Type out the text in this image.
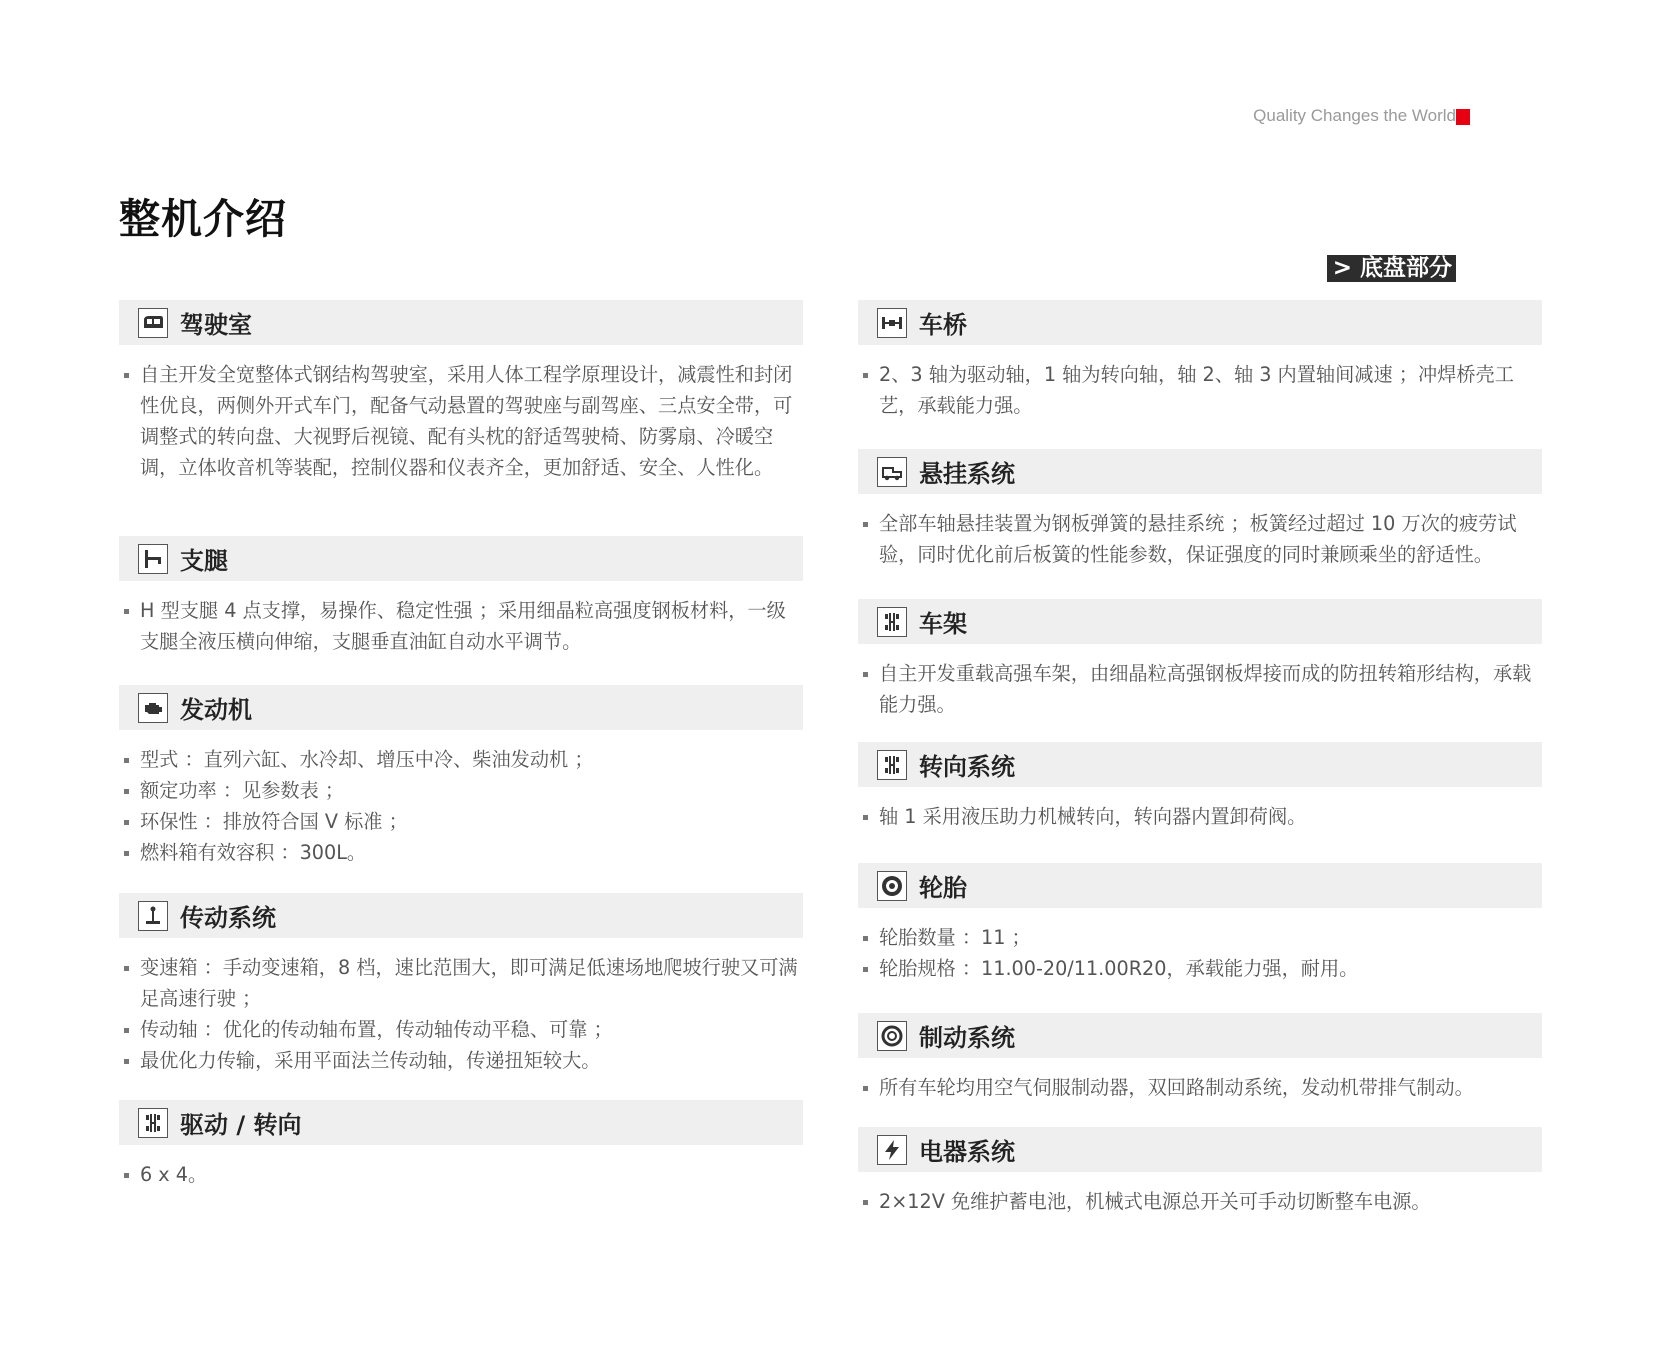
Quality Changes the World
整机介绍
> 底盘部分
驾驶室
自主开发全宽整体式钢结构驾驶室，采用人体工程学原理设计，减震性和封闭性优良，两侧外开式车门，配备气动悬置的驾驶座与副驾座、三点安全带，可调整式的转向盘、大视野后视镜、配有头枕的舒适驾驶椅、防雾扇、冷暖空调，立体收音机等装配，控制仪器和仪表齐全，更加舒适、安全、人性化。
支腿
H 型支腿 4 点支撑，易操作、稳定性强 ；采用细晶粒高强度钢板材料，一级支腿全液压横向伸缩，支腿垂直油缸自动水平调节。
发动机
型式 ：直列六缸、水冷却、增压中冷、柴油发动机 ；
额定功率 ：见参数表 ；
环保性 ：排放符合国 V 标准 ；
燃料箱有效容积 ：300L。
传动系统
变速箱 ：手动变速箱，8 档，速比范围大，即可满足低速场地爬坡行驶又可满足高速行驶 ；
传动轴 ：优化的传动轴布置，传动轴传动平稳、可靠 ；
最优化力传输，采用平面法兰传动轴，传递扭矩较大。
驱动 / 转向
6 x 4。
车桥
2、3 轴为驱动轴，1 轴为转向轴，轴 2、轴 3 内置轴间减速 ；冲焊桥壳工艺，承载能力强。
悬挂系统
全部车轴悬挂装置为钢板弹簧的悬挂系统 ；板簧经过超过 10 万次的疲劳试验，同时优化前后板簧的性能参数，保证强度的同时兼顾乘坐的舒适性。
车架
自主开发重载高强车架，由细晶粒高强钢板焊接而成的防扭转箱形结构，承载能力强。
转向系统
轴 1 采用液压助力机械转向，转向器内置卸荷阀。
轮胎
轮胎数量 ：11 ；
轮胎规格 ：11.00-20/11.00R20，承载能力强，耐用。
制动系统
所有车轮均用空气伺服制动器，双回路制动系统，发动机带排气制动。
电器系统
2×12V 免维护蓄电池，机械式电源总开关可手动切断整车电源。
